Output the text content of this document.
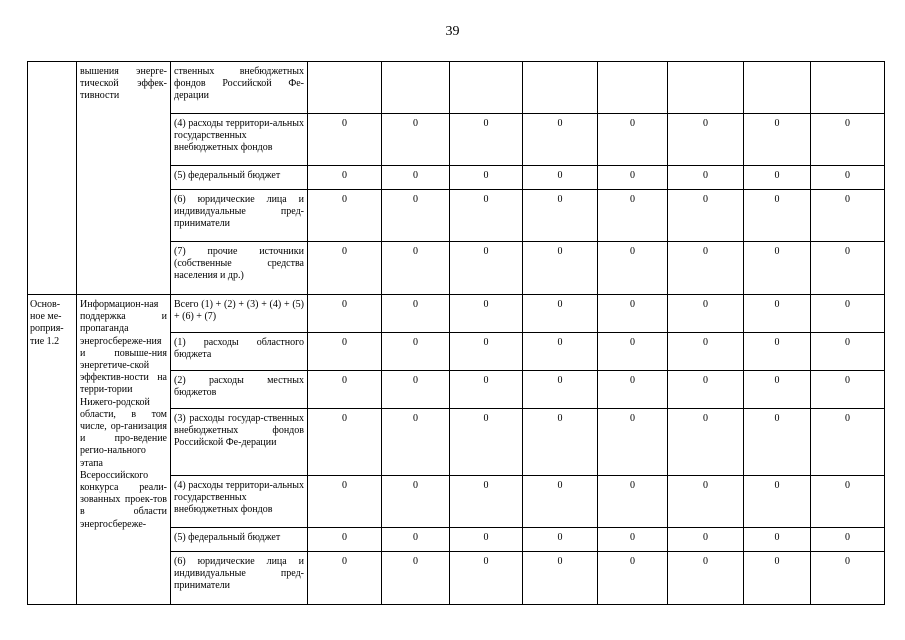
39
	вышения энерге-тической эффек-тивности	ственных внебюджетных фондов Российской Фе-дерации								
		(4) расходы территори-альных государственных внебюджетных фондов	0	0	0	0	0	0	0	0
		(5) федеральный бюджет	0	0	0	0	0	0	0	0
		(6) юридические лица и индивидуальные пред-приниматели	0	0	0	0	0	0	0	0
		(7) прочие источники (собственные средства населения и др.)	0	0	0	0	0	0	0	0
Основ-ное ме-роприя-тие 1.2	Информацион-ная поддержка и пропаганда энергосбереже-ния и повыше-ния энергетиче-ской эффектив-ности на терри-тории Нижего-родской области, в том числе, ор-ганизация и про-ведение регио-нального этапа Всероссийского конкурса реали-зованных проек-тов в области энергосбереже-	Всего (1) + (2) + (3) + (4) + (5) + (6) + (7)	0	0	0	0	0	0	0	0
		(1) расходы областного бюджета	0	0	0	0	0	0	0	0
		(2) расходы местных бюджетов	0	0	0	0	0	0	0	0
		(3) расходы государ-ственных внебюджетных фондов Российской Фе-дерации	0	0	0	0	0	0	0	0
		(4) расходы территори-альных государственных внебюджетных фондов	0	0	0	0	0	0	0	0
		(5) федеральный бюджет	0	0	0	0	0	0	0	0
		(6) юридические лица и индивидуальные пред-приниматели	0	0	0	0	0	0	0	0
